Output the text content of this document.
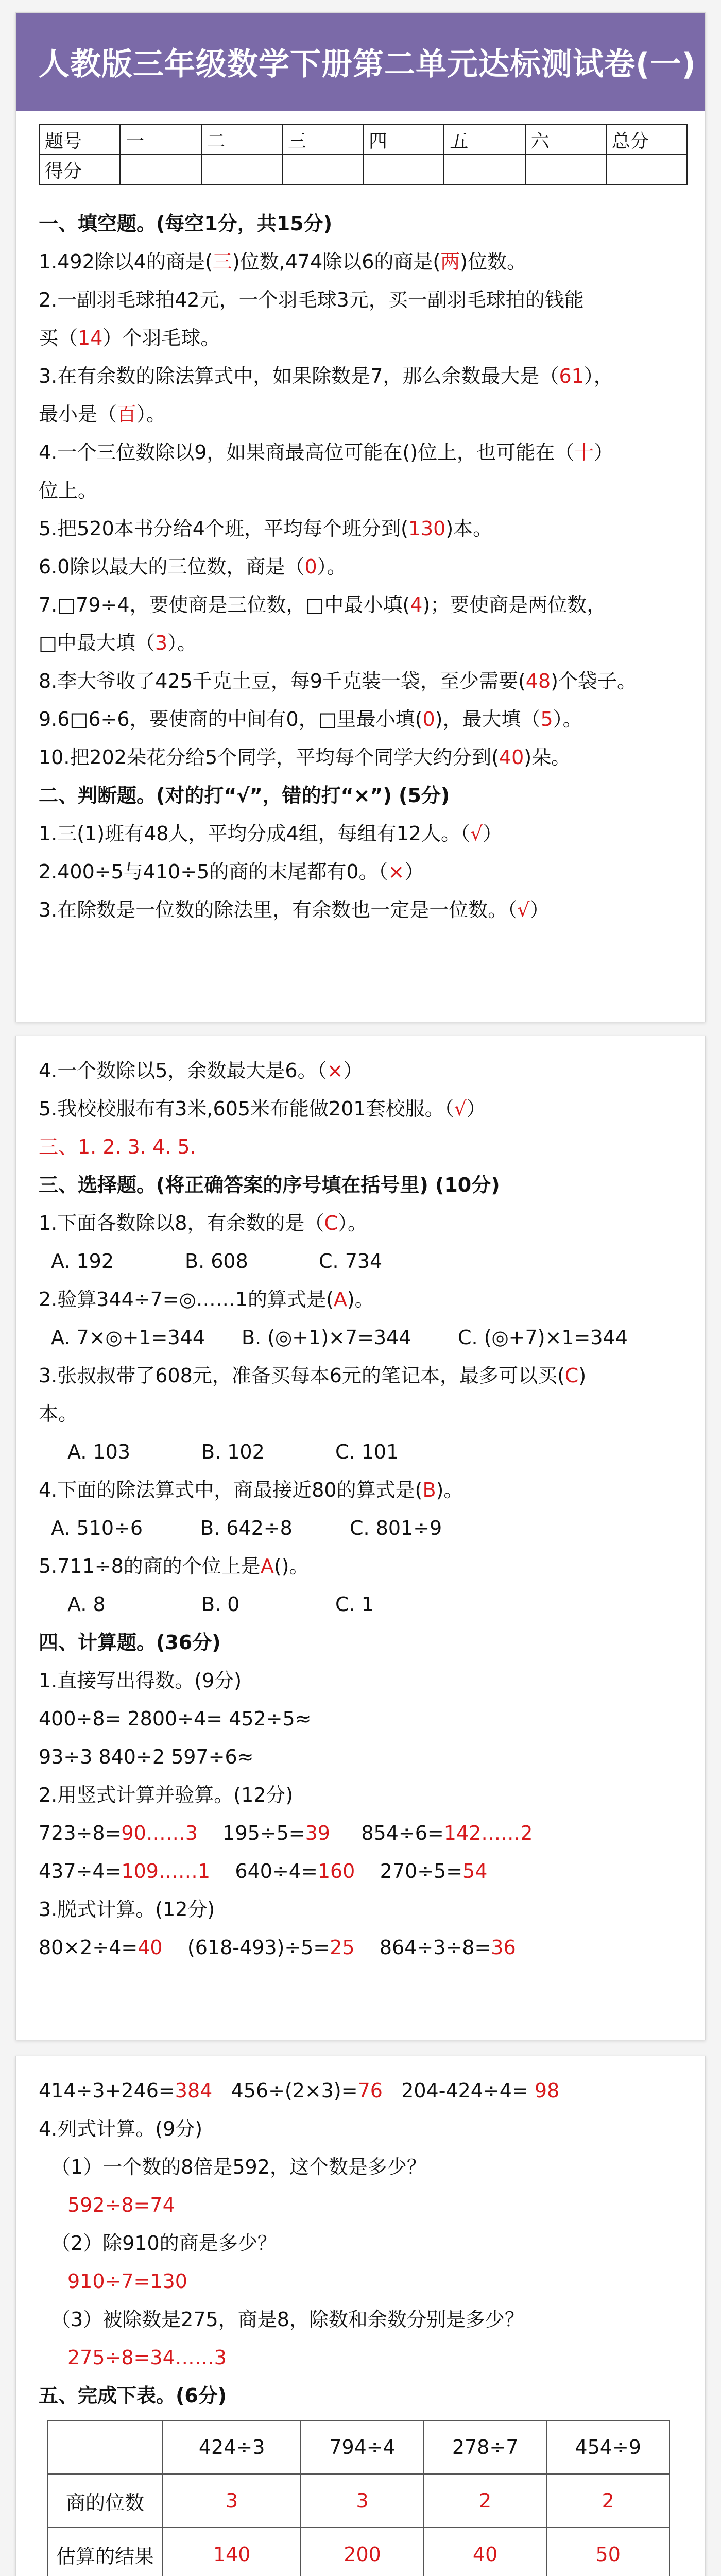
人教版三年级数学下册第二单元达标测试卷(一)
题号	一	二	三	四	五	六	总分
得分							

一、填空题。(每空1分，共15分)

1.492除以4的商是(三)位数,474除以6的商是(两)位数。

2.一副羽毛球拍42元，一个羽毛球3元，买一副羽毛球拍的钱能

买（14）个羽毛球。

3.在有余数的除法算式中，如果除数是7，那么余数最大是（61），

最小是（百）。

4.一个三位数除以9，如果商最高位可能在()位上，也可能在（十）

位上。

5.把520本书分给4个班，平均每个班分到(130)本。

6.0除以最大的三位数，商是（0）。

7.□79÷4，要使商是三位数，□中最小填(4)；要使商是两位数，

□中最大填（3）。

8.李大爷收了425千克土豆，每9千克装一袋，至少需要(48)个袋子。

9.6□6÷6，要使商的中间有0，□里最小填(0)，最大填（5）。

10.把202朵花分给5个同学，平均每个同学大约分到(40)朵。

二、判断题。(对的打“√”，错的打“×”) (5分)

1.三(1)班有48人，平均分成4组，每组有12人。（√）

2.400÷5与410÷5的商的末尾都有0。（×）

3.在除数是一位数的除法里，有余数也一定是一位数。（√）

4.一个数除以5，余数最大是6。（×）

5.我校校服布有3米,605米布能做201套校服。（√）

三、1. 2. 3. 4. 5.

三、选择题。(将正确答案的序号填在括号里) (10分)

1.下面各数除以8，有余数的是（C）。

A. 192	B. 608	C. 734

2.验算344÷7=◎……1的算式是(A)。

A. 7×◎+1=344 B. (◎+1)×7=344 C. (◎+7)×1=344

3.张叔叔带了608元，准备买每本6元的笔记本，最多可以买(C)

本。

A. 103	B. 102	C. 101

4.下面的除法算式中，商最接近80的算式是(B)。

A. 510÷6	B. 642÷8	C. 801÷9

5.711÷8的商的个位上是A()。

A. 8	B. 0	C. 1

四、计算题。(36分)

1.直接写出得数。(9分)

400÷8= 2800÷4= 452÷5≈

93÷3 840÷2 597÷6≈

2.用竖式计算并验算。(12分)

723÷8=90……3    195÷5=39     854÷6=142……2

437÷4=109……1    640÷4=160    270÷5=54

3.脱式计算。(12分)

80×2÷4=40    (618-493)÷5=25    864÷3÷8=36

414÷3+246=384   456÷(2×3)=76   204-424÷4= 98

4.列式计算。(9分)

（1）一个数的8倍是592，这个数是多少？

592÷8=74

（2）除910的商是多少？

910÷7=130

（3）被除数是275，商是8，除数和余数分别是多少？

275÷8=34……3

五、完成下表。(6分)

	424÷3	794÷4	278÷7	454÷9
商的位数	3	3	2	2
估算的结果	140	200	40	50
